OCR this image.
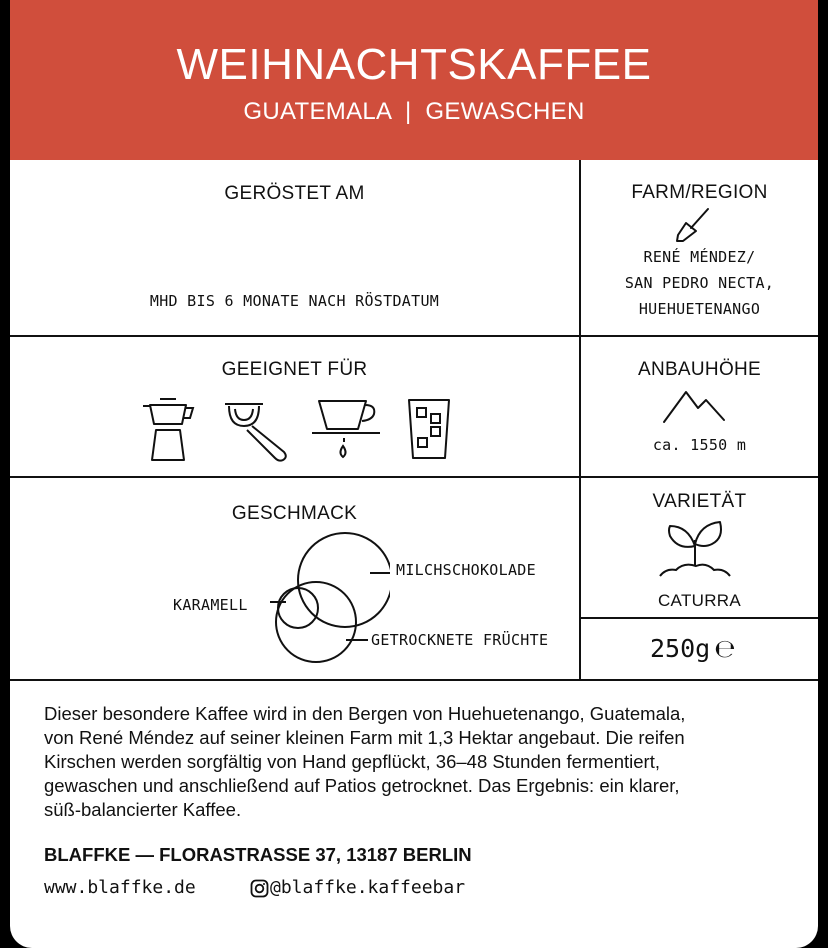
WEIHNACHTSKAFFEE
GUATEMALA  |  GEWASCHEN
GERÖSTET AM
MHD BIS 6 MONATE NACH RÖSTDATUM
FARM/REGION
RENÉ MÉNDEZ/
SAN PEDRO NECTA,
HUEHUETENANGO
GEEIGNET FÜR	ANBAUHÖHE
ca. 1550 m
GESCHMACK
MILCHSCHOKOLADE
KARAMELL
GETROCKNETE FRÜCHTE
VARIETÄT
CATURRA
250g ℮
Dieser besondere Kaffee wird in den Bergen von Huehuetenango, Guatemala,
von René Méndez auf seiner kleinen Farm mit 1,3 Hektar angebaut. Die reifen
Kirschen werden sorgfältig von Hand gepflückt, 36–48 Stunden fermentiert,
gewaschen und anschließend auf Patios getrocknet. Das Ergebnis: ein klarer,
süß-balancierter Kaffee.
BLAFFKE — FLORASTRASSE 37, 13187 BERLIN
www.blaffke.de	@blaffke.kaffeebar
